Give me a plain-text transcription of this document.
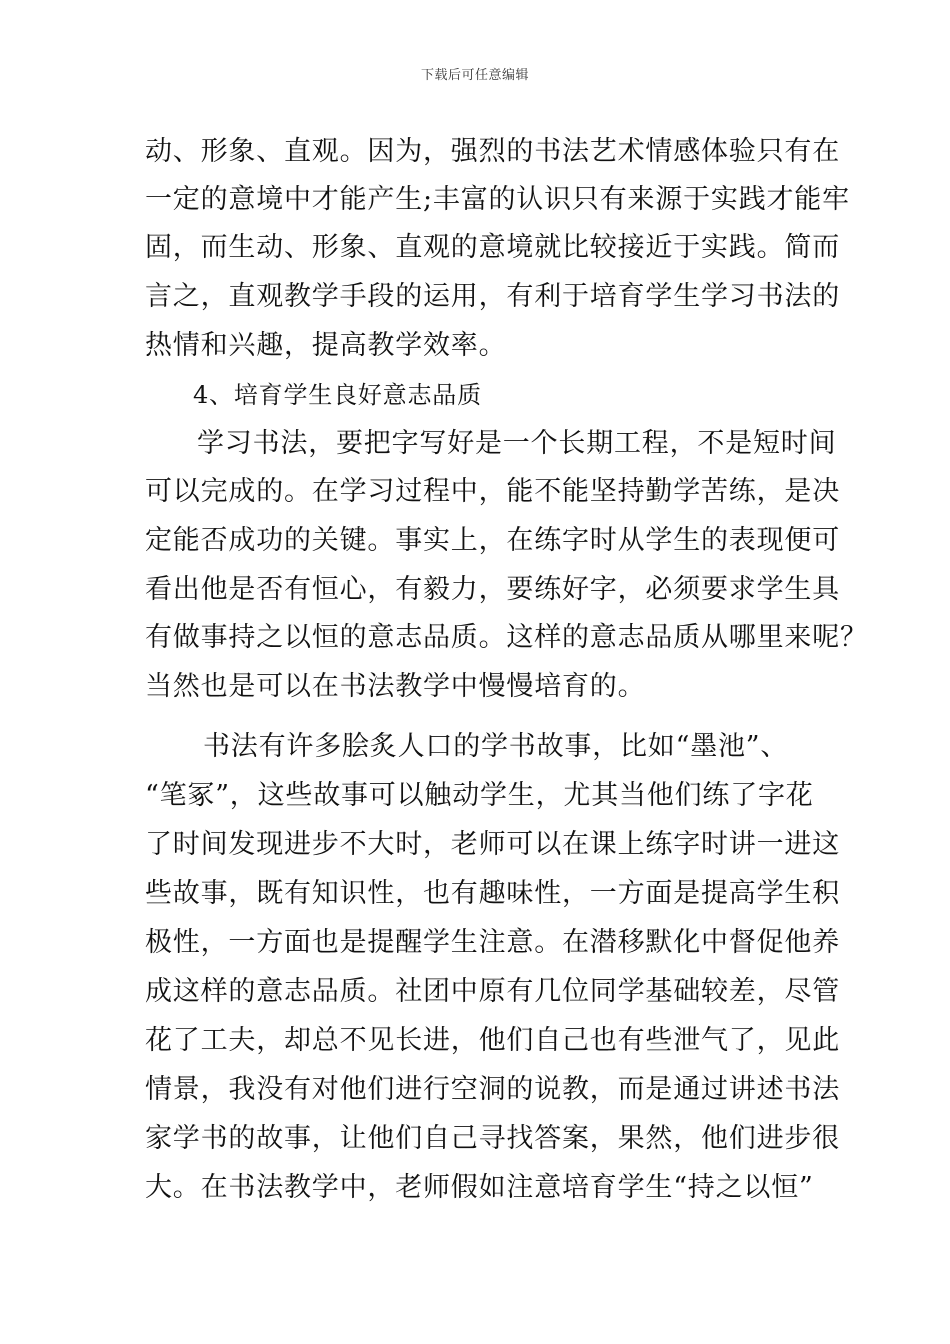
下载后可任意编辑
动、形象、直观。因为，强烈的书法艺术情感体验只有在
一定的意境中才能产生;丰富的认识只有来源于实践才能牢
固，而生动、形象、直观的意境就比较接近于实践。简而
言之，直观教学手段的运用，有利于培育学生学习书法的
热情和兴趣，提高教学效率。
4、培育学生良好意志品质
学习书法，要把字写好是一个长期工程，不是短时间
可以完成的。在学习过程中，能不能坚持勤学苦练，是决
定能否成功的关键。事实上，在练字时从学生的表现便可
看出他是否有恒心，有毅力，要练好字，必须要求学生具
有做事持之以恒的意志品质。这样的意志品质从哪里来呢？
当然也是可以在书法教学中慢慢培育的。
书法有许多脍炙人口的学书故事，比如“墨池”、
“笔冢”，这些故事可以触动学生，尤其当他们练了字花
了时间发现进步不大时，老师可以在课上练字时讲一进这
些故事，既有知识性，也有趣味性，一方面是提高学生积
极性，一方面也是提醒学生注意。在潜移默化中督促他养
成这样的意志品质。社团中原有几位同学基础较差，尽管
花了工夫，却总不见长进，他们自己也有些泄气了，见此
情景，我没有对他们进行空洞的说教，而是通过讲述书法
家学书的故事，让他们自己寻找答案，果然，他们进步很
大。在书法教学中，老师假如注意培育学生“持之以恒”
